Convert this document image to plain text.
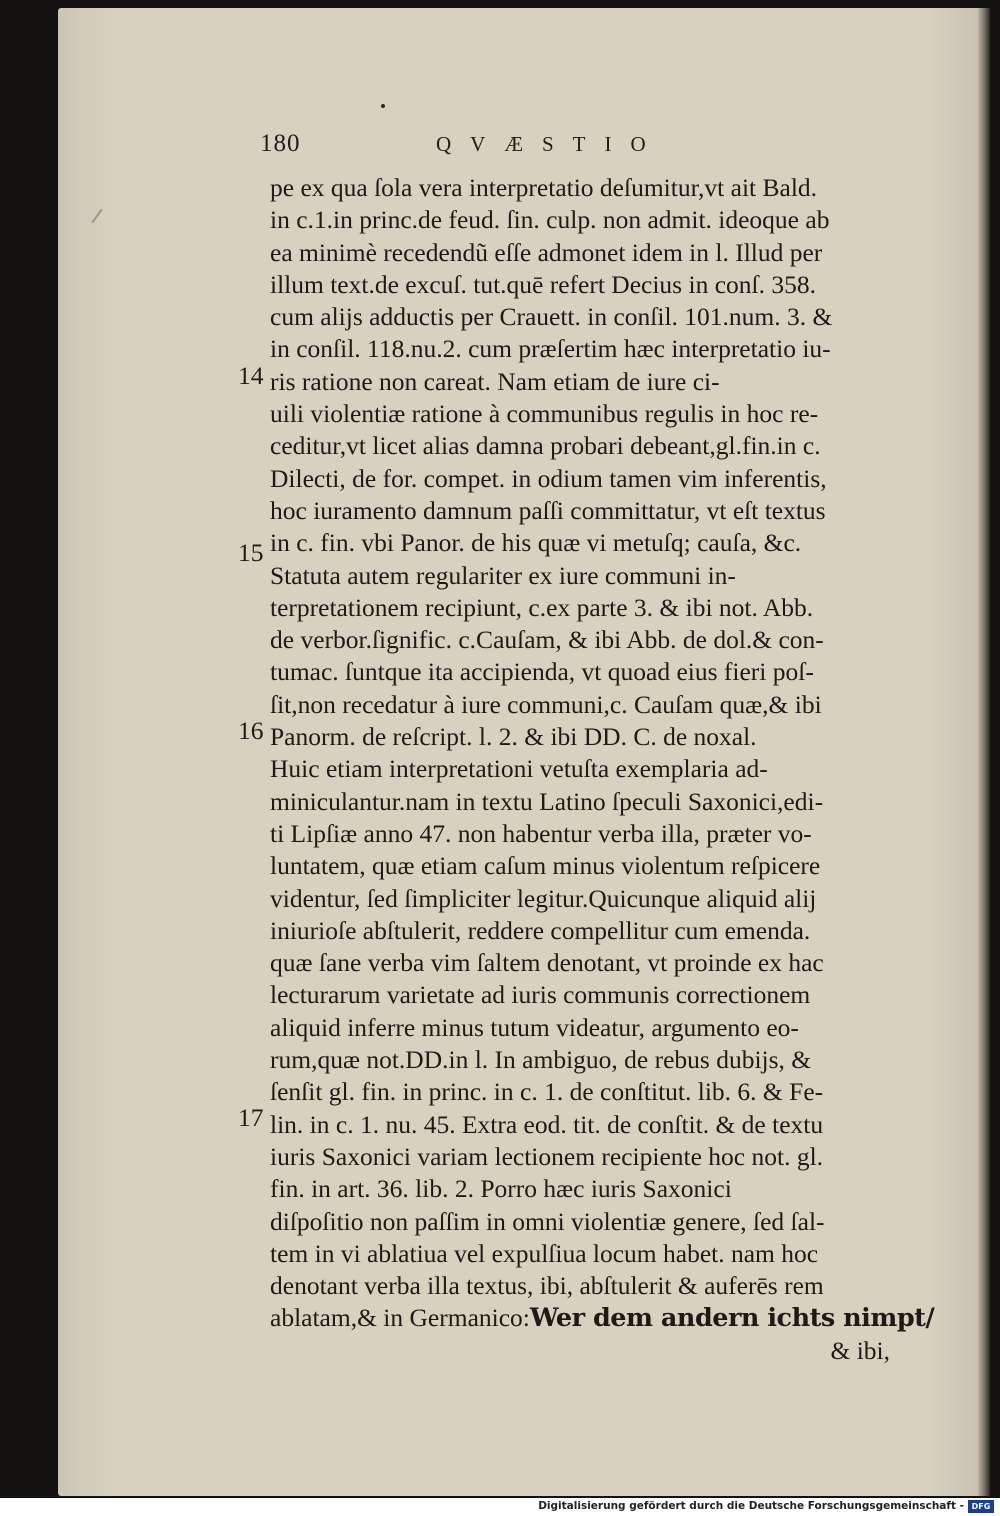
180	QVÆSTIO
14
15
16
17
pe ex qua ſola vera interpretatio deſumitur,vt ait Bald.
in c.1.in princ.de feud. ſin. culp. non admit. ideoque ab
ea minimè recedendũ eſſe admonet idem in l. Illud per
illum text.de excuſ. tut.quē refert Decius in conſ. 358.
cum alijs adductis per Crauett. in conſil. 101.num. 3. &
in conſil. 118.nu.2. cum præſertim hæc interpretatio iu-
ris ratione non careat. Nam etiam de iure ci-
uili violentiæ ratione à communibus regulis in hoc re-
ceditur,vt licet alias damna probari debeant,gl.fin.in c.
Dilecti, de for. compet. in odium tamen vim inferentis,
hoc iuramento damnum paſſi committatur, vt eſt textus
in c. fin. vbi Panor. de his quæ vi metuſq; cauſa, &c.
Statuta autem regulariter ex iure communi in-
terpretationem recipiunt, c.ex parte 3. & ibi not. Abb.
de verbor.ſignific. c.Cauſam, & ibi Abb. de dol.& con-
tumac. ſuntque ita accipienda, vt quoad eius fieri poſ-
ſit,non recedatur à iure communi,c. Cauſam quæ,& ibi
Panorm. de reſcript. l. 2. & ibi DD. C. de noxal.
Huic etiam interpretationi vetuſta exemplaria ad-
miniculantur.nam in textu Latino ſpeculi Saxonici,edi-
ti Lipſiæ anno 47. non habentur verba illa, præter vo-
luntatem, quæ etiam caſum minus violentum reſpicere
videntur, ſed ſimpliciter legitur.Quicunque aliquid alij
iniurioſe abſtulerit, reddere compellitur cum emenda.
quæ ſane verba vim ſaltem denotant, vt proinde ex hac
lecturarum varietate ad iuris communis correctionem
aliquid inferre minus tutum videatur, argumento eo-
rum,quæ not.DD.in l. In ambiguo, de rebus dubijs, &
ſenſit gl. fin. in princ. in c. 1. de conſtitut. lib. 6. & Fe-
lin. in c. 1. nu. 45. Extra eod. tit. de conſtit. & de textu
iuris Saxonici variam lectionem recipiente hoc not. gl.
fin. in art. 36. lib. 2. Porro hæc iuris Saxonici
diſpoſitio non paſſim in omni violentiæ genere, ſed ſal-
tem in vi ablatiua vel expulſiua locum habet. nam hoc
denotant verba illa textus, ibi, abſtulerit & auferēs rem
ablatam,& in Germanico:Wer dem andern ichts nimpt/
& ibi,
Digitalisierung gefördert durch die Deutsche Forschungsgemeinschaft - DFG
